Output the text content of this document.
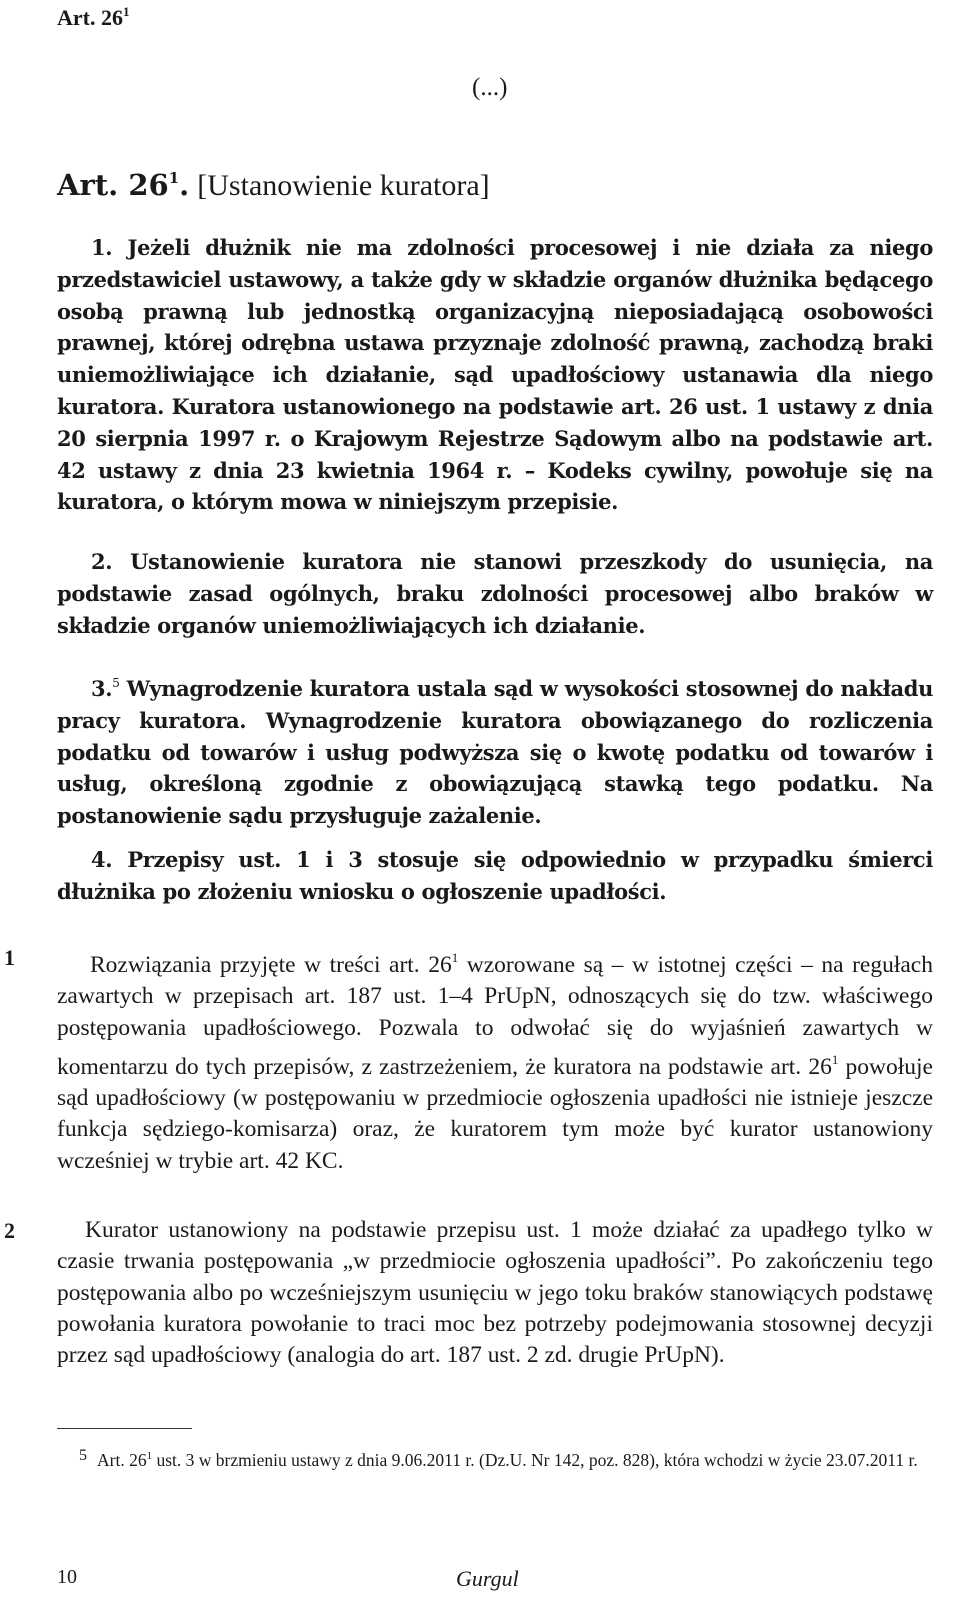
Art. $26^1$
(...)
Art. $26^1$. [Ustanowienie kuratora]

1. Jeżeli dłużnik nie ma zdolności procesowej i nie działa za niego przedstawiciel ustawowy, a także gdy w składzie organów dłużnika będącego osobą prawną lub jednostką organizacyjną nieposiadającą osobowości prawnej, której odrębna ustawa przyznaje zdolność prawną, zachodzą braki uniemożliwiające ich działanie, sąd upadłościowy ustanawia dla niego kuratora. Kuratora ustanowionego na podstawie art. 26 ust. 1 ustawy z dnia 20 sierpnia 1997 r. o Krajowym Rejestrze Sądowym albo na podstawie art. 42 ustawy z dnia 23 kwietnia 1964 r. – Kodeks cywilny, powołuje się na kuratora, o którym mowa w niniejszym przepisie.

2. Ustanowienie kuratora nie stanowi przeszkody do usunięcia, na podstawie zasad ogólnych, braku zdolności procesowej albo braków w składzie organów uniemożliwiających ich działanie.

3.$^5$ Wynagrodzenie kuratora ustala sąd w wysokości stosownej do nakładu pracy kuratora. Wynagrodzenie kuratora obowiązanego do rozliczenia podatku od towarów i usług podwyższa się o kwotę podatku od towarów i usług, określoną zgodnie z obowiązującą stawką tego podatku. Na postanowienie sądu przysługuje zażalenie.

4. Przepisy ust. 1 i 3 stosuje się odpowiednio w przypadku śmierci dłużnika po złożeniu wniosku o ogłoszenie upadłości.

1	Rozwiązania przyjęte w treści art. $26^1$ wzorowane są – w istotnej części – na regułach zawartych w przepisach art. 187 ust. 1–4 PrUpN, odnoszących się do tzw. właściwego postępowania upadłościowego. Pozwala to odwołać się do wyjaśnień zawartych w komentarzu do tych przepisów, z zastrzeżeniem, że kuratora na podstawie art. $26^1$ powołuje sąd upadłościowy (w postępowaniu w przedmiocie ogłoszenia upadłości nie istnieje jeszcze funkcja sędziego-komisarza) oraz, że kuratorem tym może być kurator ustanowiony wcześniej w trybie art. 42 KC.

2	Kurator ustanowiony na podstawie przepisu ust. 1 może działać za upadłego tylko w czasie trwania postępowania „w przedmiocie ogłoszenia upadłości”. Po zakończeniu tego postępowania albo po wcześniejszym usunięciu w jego toku braków stanowiących podstawę powołania kuratora powołanie to traci moc bez potrzeby podejmowania stosownej decyzji przez sąd upadłościowy (analogia do art. 187 ust. 2 zd. drugie PrUpN).

5 Art. $26^1$ ust. 3 w brzmieniu ustawy z dnia 9.06.2011 r. (Dz.U. Nr 142, poz. 828), która wchodzi w życie 23.07.2011 r.

10	Gurgul
